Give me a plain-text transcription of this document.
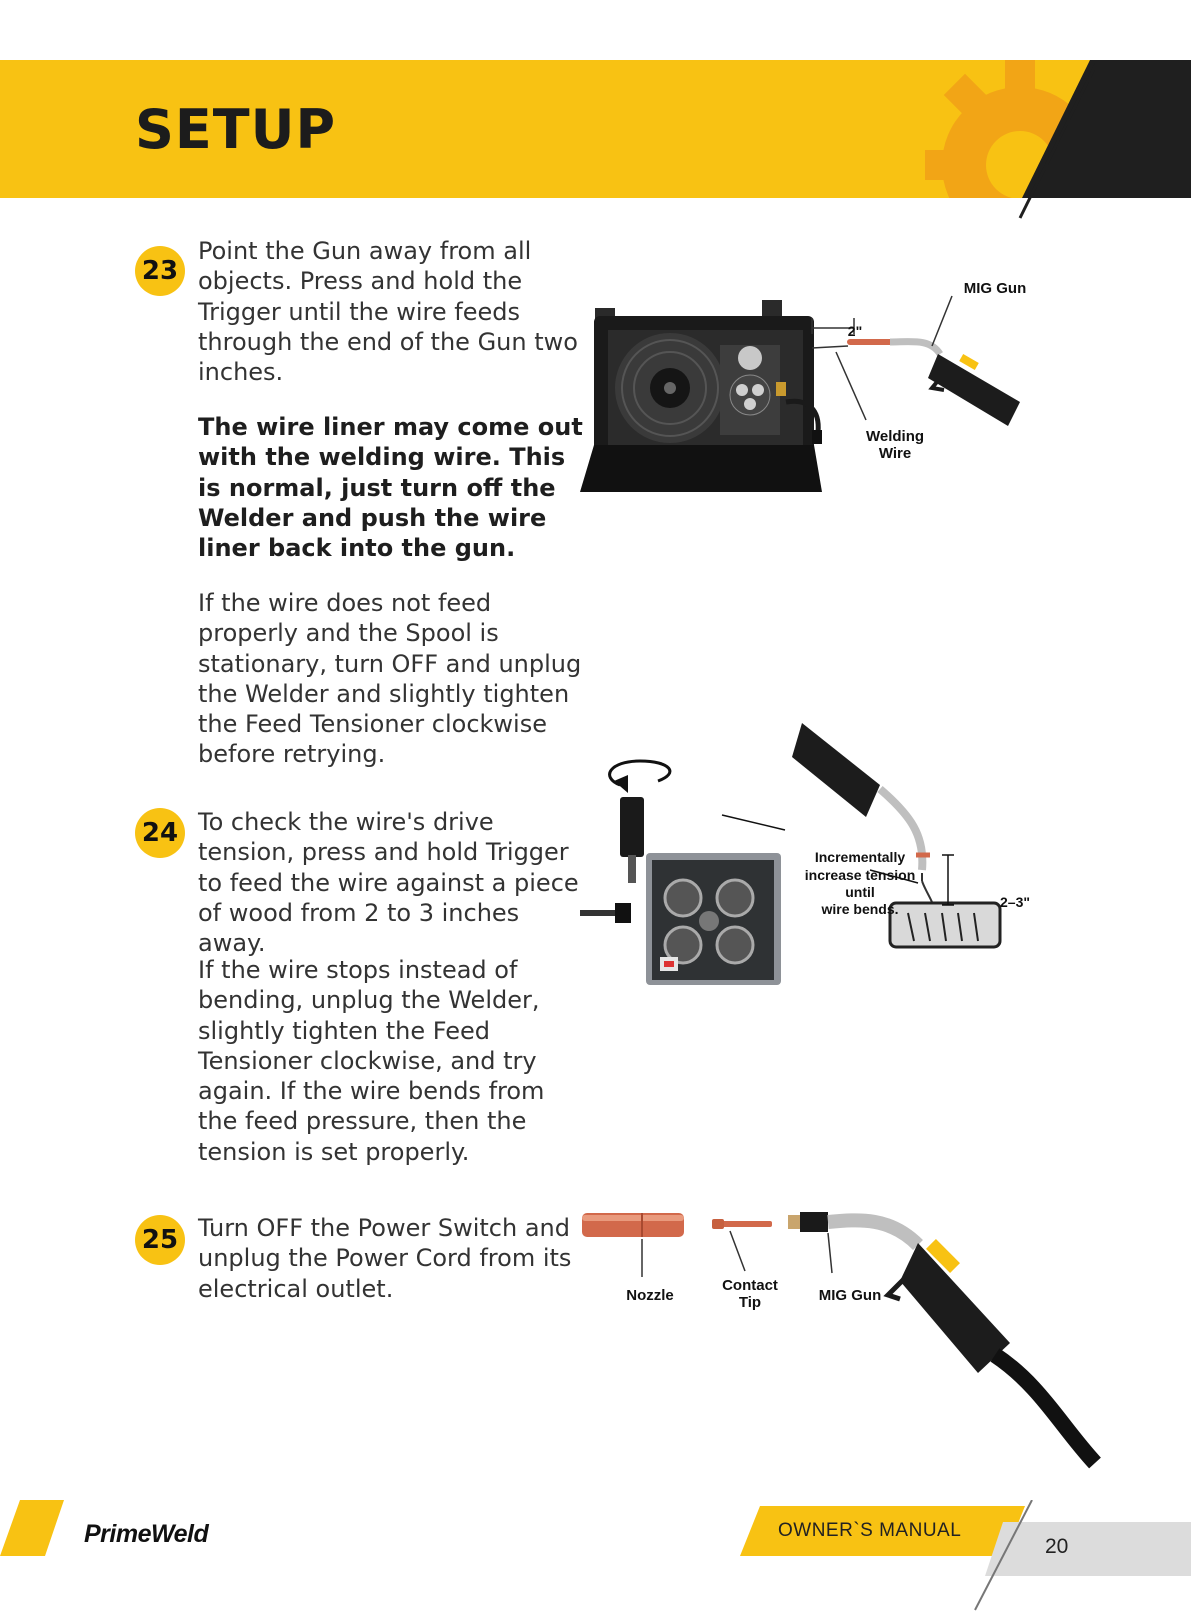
SETUP
23

Point the Gun away from all objects. Press and hold the Trigger until the wire feeds through the end of the Gun two inches.

The wire liner may come out with the welding wire. This is normal, just turn off the Welder and push the wire liner back into the gun.

If the wire does not feed properly and the Spool is stationary, turn OFF and unplug the Welder and slightly tighten the Feed Tensioner clockwise before retrying.

MIG Gun
2"
Welding
Wire
24 To check the wire's drive tension, press and hold Trigger to feed the wire against a piece of wood from 2 to 3 inches away.

If the wire stops instead of bending, unplug the Welder, slightly tighten the Feed Tensioner clockwise, and try again. If the wire bends from the feed pressure, then the tension is set properly.

Incrementally
increase tension
until
wire bends.	2–3"
25 Turn OFF the Power Switch and unplug the Power Cord from its electrical outlet.	Nozzle
Contact
Tip	MIG Gun
PrimeWeld	OWNER`S MANUAL
20
